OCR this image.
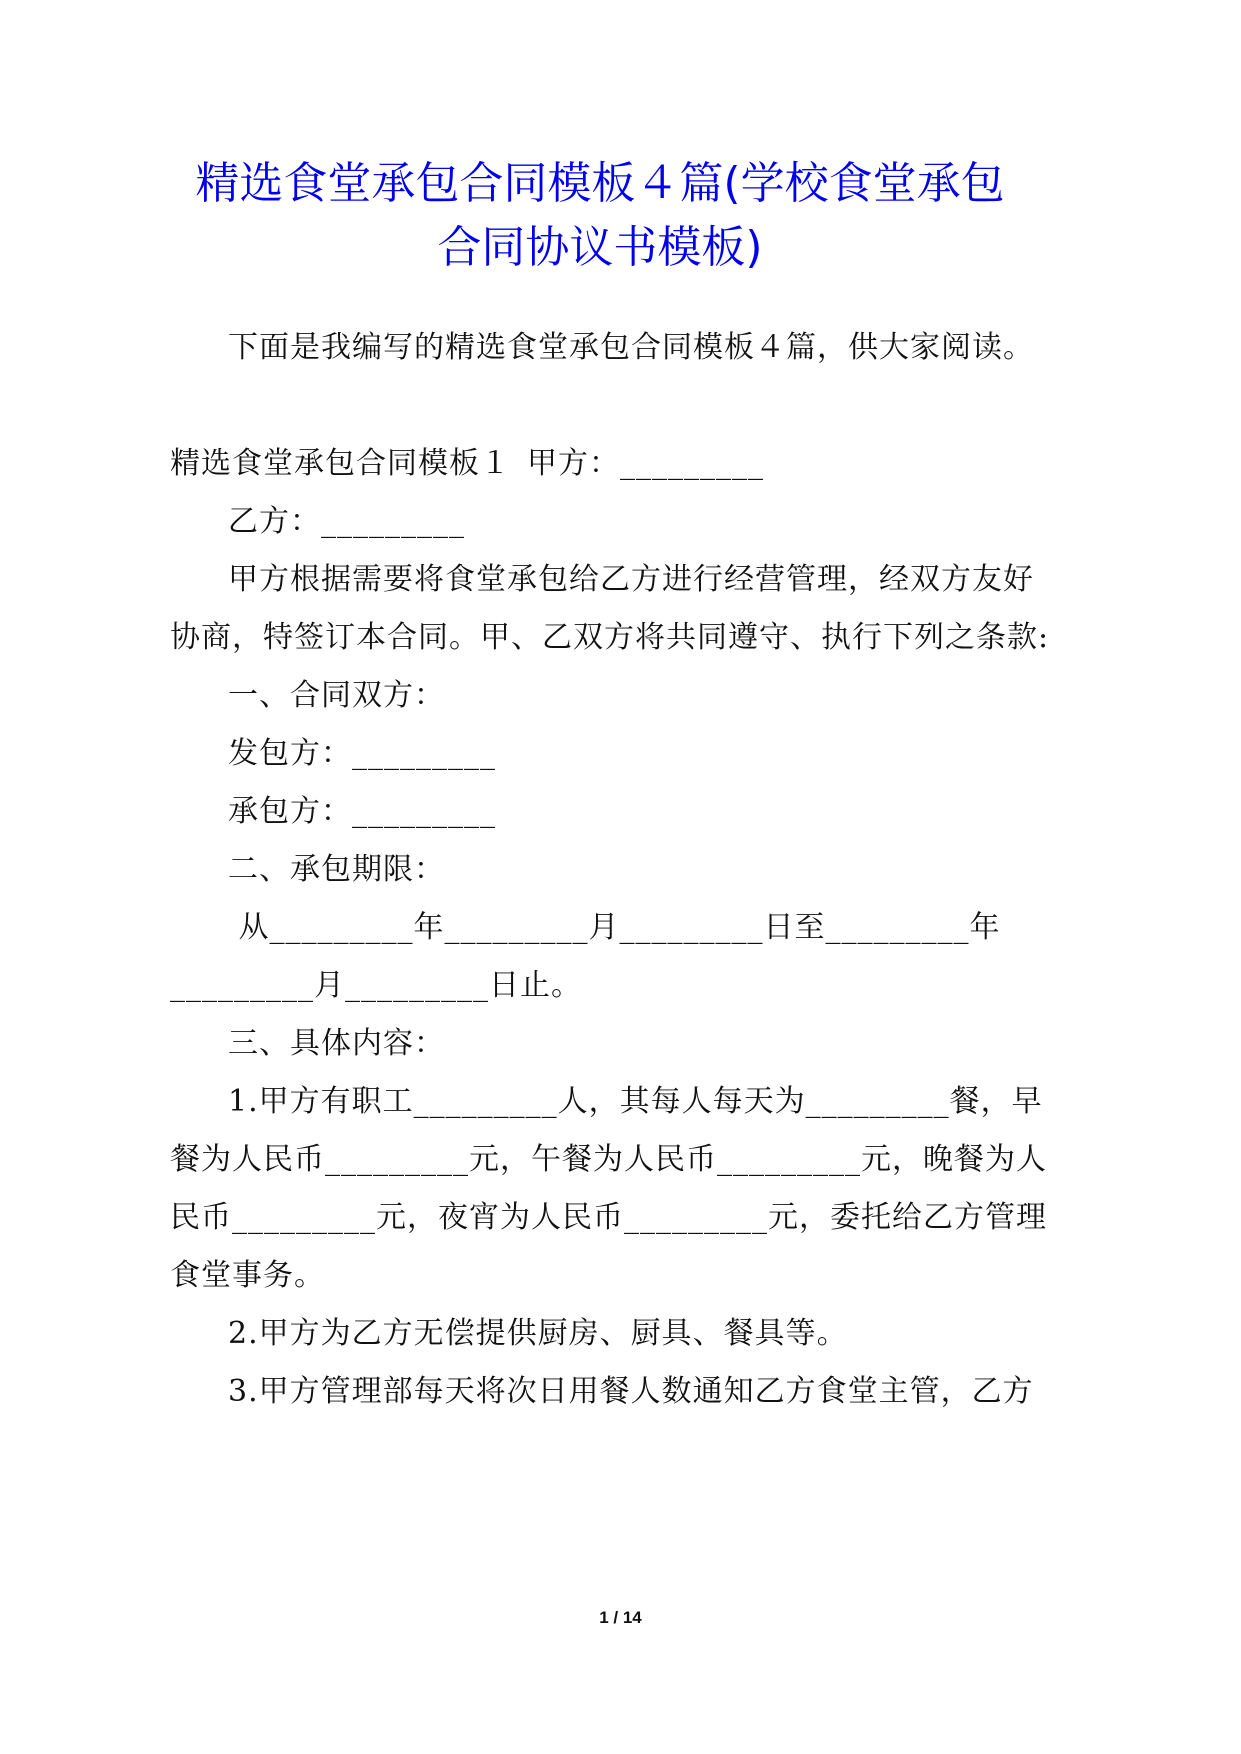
精选食堂承包合同模板４篇(学校食堂承包
合同协议书模板)
下面是我编写的精选食堂承包合同模板４篇，供大家阅读。
精选食堂承包合同模板１ 甲方：_________
乙方：_________
甲方根据需要将食堂承包给乙方进行经营管理，经双方友好
协商，特签订本合同。甲、乙双方将共同遵守、执行下列之条款:
一、合同双方：
发包方：_________
承包方：_________
二、承包期限：
从_________年_________月_________日至_________年
_________月_________日止。
三、具体内容：
1.甲方有职工_________人，其每人每天为_________餐，早
餐为人民币_________元，午餐为人民币_________元，晚餐为人
民币_________元，夜宵为人民币_________元，委托给乙方管理
食堂事务。
2.甲方为乙方无偿提供厨房、厨具、餐具等。
3.甲方管理部每天将次日用餐人数通知乙方食堂主管，乙方
1 / 14
